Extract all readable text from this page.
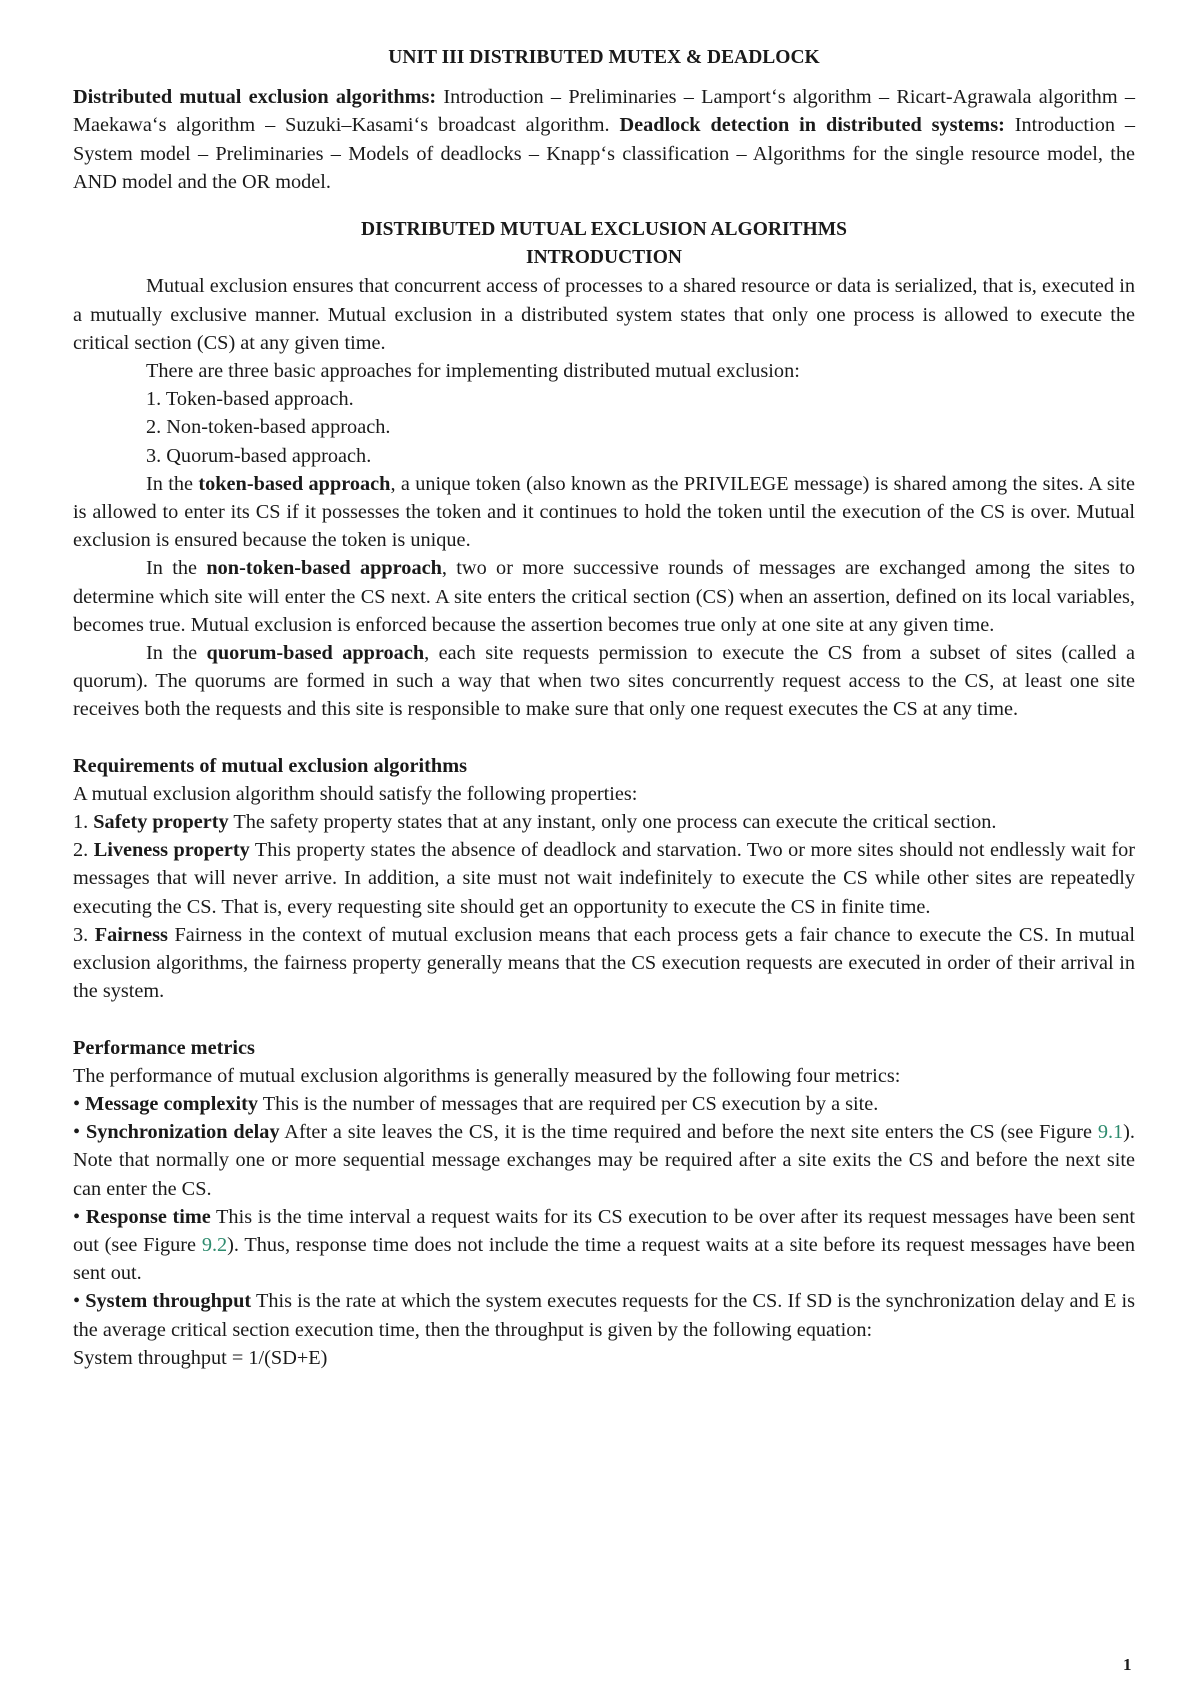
UNIT III DISTRIBUTED MUTEX & DEADLOCK

Distributed mutual exclusion algorithms: Introduction – Preliminaries – Lamport‘s algorithm – Ricart-Agrawala algorithm – Maekawa‘s algorithm – Suzuki–Kasami‘s broadcast algorithm. Deadlock detection in distributed systems: Introduction – System model – Preliminaries – Models of deadlocks – Knapp‘s classification – Algorithms for the single resource model, the AND model and the OR model.

DISTRIBUTED MUTUAL EXCLUSION ALGORITHMS

INTRODUCTION

Mutual exclusion ensures that concurrent access of processes to a shared resource or data is serialized, that is, executed in a mutually exclusive manner. Mutual exclusion in a distributed system states that only one process is allowed to execute the critical section (CS) at any given time.

There are three basic approaches for implementing distributed mutual exclusion:

1. Token-based approach.

2. Non-token-based approach.

3. Quorum-based approach.

In the token-based approach, a unique token (also known as the PRIVILEGE message) is shared among the sites. A site is allowed to enter its CS if it possesses the token and it continues to hold the token until the execution of the CS is over. Mutual exclusion is ensured because the token is unique.

In the non-token-based approach, two or more successive rounds of messages are exchanged among the sites to determine which site will enter the CS next. A site enters the critical section (CS) when an assertion, defined on its local variables, becomes true. Mutual exclusion is enforced because the assertion becomes true only at one site at any given time.

In the quorum-based approach, each site requests permission to execute the CS from a subset of sites (called a quorum). The quorums are formed in such a way that when two sites concurrently request access to the CS, at least one site receives both the requests and this site is responsible to make sure that only one request executes the CS at any time.

Requirements of mutual exclusion algorithms

A mutual exclusion algorithm should satisfy the following properties:

1. Safety property The safety property states that at any instant, only one process can execute the critical section.

2. Liveness property This property states the absence of deadlock and starvation. Two or more sites should not endlessly wait for messages that will never arrive. In addition, a site must not wait indefinitely to execute the CS while other sites are repeatedly executing the CS. That is, every requesting site should get an opportunity to execute the CS in finite time.

3. Fairness Fairness in the context of mutual exclusion means that each process gets a fair chance to execute the CS. In mutual exclusion algorithms, the fairness property generally means that the CS execution requests are executed in order of their arrival in the system.

Performance metrics

The performance of mutual exclusion algorithms is generally measured by the following four metrics:

• Message complexity This is the number of messages that are required per CS execution by a site.

• Synchronization delay After a site leaves the CS, it is the time required and before the next site enters the CS (see Figure 9.1). Note that normally one or more sequential message exchanges may be required after a site exits the CS and before the next site can enter the CS.

• Response time This is the time interval a request waits for its CS execution to be over after its request messages have been sent out (see Figure 9.2). Thus, response time does not include the time a request waits at a site before its request messages have been sent out.

• System throughput This is the rate at which the system executes requests for the CS. If SD is the synchronization delay and E is the average critical section execution time, then the throughput is given by the following equation:

System throughput = 1/(SD+E)

1
